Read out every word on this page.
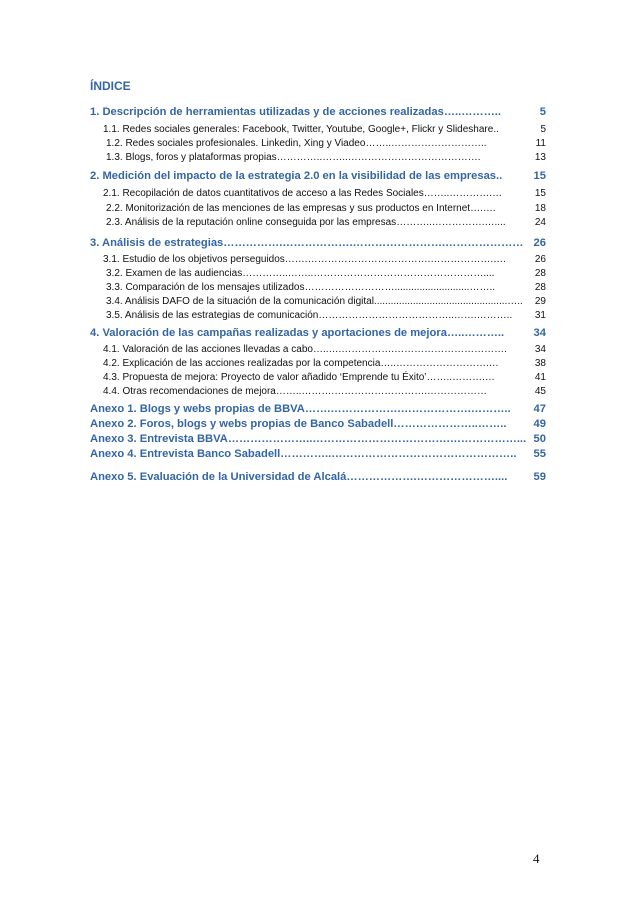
ÍNDICE
1. Descripción de herramientas utilizadas y de acciones realizadas …..………..	5
1.1. Redes sociales generales: Facebook, Twitter, Youtube, Google+, Flickr y Slideshare ..	5
1.2. Redes sociales profesionales. Linkedin, Xing y Viadeo ……..………………………..	11
1.3. Blogs, foros y plataformas propias …………..……..………………………………….	13
2. Medición del impacto de la estrategia 2.0 en la visibilidad de las empresas ..	15
2.1. Recopilación de datos cuantitativos de acceso a las Redes Sociales ……..………….…	15
2.2. Monitorización de las menciones de las empresas y sus productos en Internet ….….	18
2.3. Análisis de la reputación online conseguida por las empresas ………..…………….…....	24
3. Análisis de estrategias …………….……………….…………………….………………… 26
3.1. Estudio de los objetivos perseguidos …….……………………………….……………….….	26
3.2. Examen de las audiencias …………..……..……………………………………………....	28
3.3. Comparación de los mensajes utilizados ………………………...........................……..	28
3.4. Análisis DAFO de la situación de la comunicación digital ................................................…..	29
3.5. Análisis de las estrategias de comunicación …………………………………..…….………..	31
4. Valoración de las campañas realizadas y aportaciones de mejora …..………..	34
4.1. Valoración de las acciones llevadas a cabo …..….…………….…………………………….	34
4.2. Explicación de las acciones realizadas por la competencia …..……………………….…	38
4.3. Propuesta de mejora: Proyecto de valor añadido ‘Emprende tu Éxito’ ……..……….…	41
4.4. Otras recomendaciones de mejora ……..……….……………………….………………	45
Anexo 1. Blogs y webs propias de BBVA …….……………….……………….………..	47
Anexo 2. Foros, blogs y webs propias de Banco Sabadell …………………..……..	49
Anexo 3. Entrevista BBVA …………………..……………………………….………………... 50
Anexo 4. Entrevista Banco Sabadell …………..…………………………………………..	55
Anexo 5. Evaluación de la Universidad de Alcalá ……………….…………………....	59
4
